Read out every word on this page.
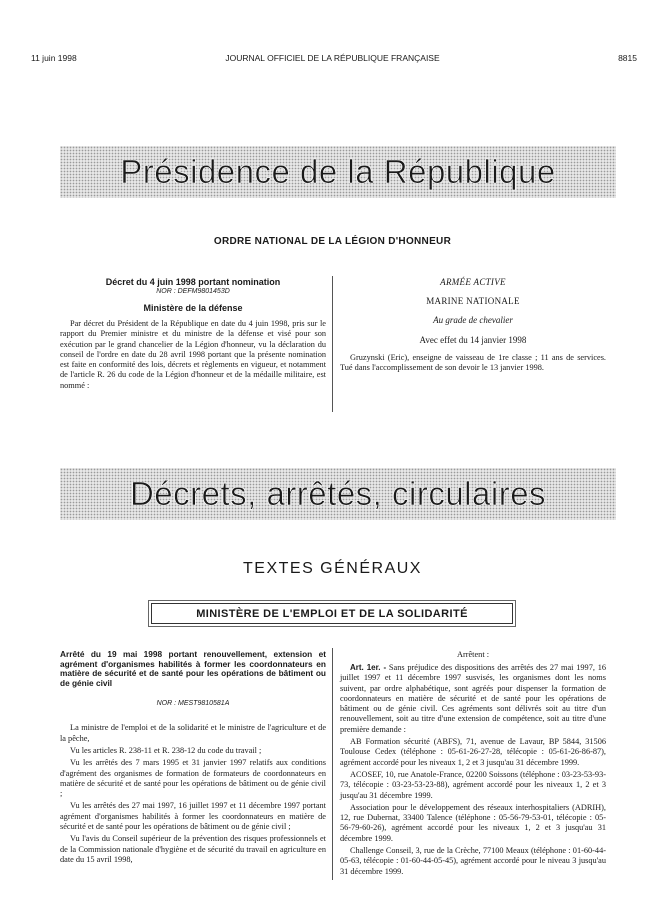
11 juin 1998	JOURNAL OFFICIEL DE LA RÉPUBLIQUE FRANÇAISE	8815
Présidence de la République
ORDRE NATIONAL DE LA LÉGION D'HONNEUR
Décret du 4 juin 1998 portant nomination
NOR : DEFM9801453D
Ministère de la défense

Par décret du Président de la République en date du 4 juin 1998, pris sur le rapport du Premier ministre et du ministre de la défense et visé pour son exécution par le grand chancelier de la Légion d'honneur, vu la déclaration du conseil de l'ordre en date du 28 avril 1998 portant que la présente nomination est faite en conformité des lois, décrets et règlements en vigueur, et notamment de l'article R. 26 du code de la Légion d'honneur et de la médaille militaire, est nommé :

ARMÉE ACTIVE
MARINE NATIONALE
Au grade de chevalier
Avec effet du 14 janvier 1998

Gruzynski (Eric), enseigne de vaisseau de 1re classe ; 11 ans de services. Tué dans l'accomplissement de son devoir le 13 janvier 1998.

Décrets, arrêtés, circulaires
TEXTES GÉNÉRAUX
MINISTÈRE DE L'EMPLOI ET DE LA SOLIDARITÉ
Arrêté du 19 mai 1998 portant renouvellement, extension et agrément d'organismes habilités à former les coordonnateurs en matière de sécurité et de santé pour les opérations de bâtiment ou de génie civil
NOR : MEST9810581A

La ministre de l'emploi et de la solidarité et le ministre de l'agriculture et de la pêche,

Vu les articles R. 238-11 et R. 238-12 du code du travail ;

Vu les arrêtés des 7 mars 1995 et 31 janvier 1997 relatifs aux conditions d'agrément des organismes de formation de formateurs de coordonnateurs en matière de sécurité et de santé pour les opérations de bâtiment ou de génie civil ;

Vu les arrêtés des 27 mai 1997, 16 juillet 1997 et 11 décembre 1997 portant agrément d'organismes habilités à former les coordonnateurs en matière de sécurité et de santé pour les opérations de bâtiment ou de génie civil ;

Vu l'avis du Conseil supérieur de la prévention des risques professionnels et de la Commission nationale d'hygiène et de sécurité du travail en agriculture en date du 15 avril 1998,

Arrêtent :

Art. 1er. - Sans préjudice des dispositions des arrêtés des 27 mai 1997, 16 juillet 1997 et 11 décembre 1997 susvisés, les organismes dont les noms suivent, par ordre alphabétique, sont agréés pour dispenser la formation de coordonnateurs en matière de sécurité et de santé pour les opérations de bâtiment ou de génie civil. Ces agréments sont délivrés soit au titre d'un renouvellement, soit au titre d'une extension de compétence, soit au titre d'une première demande :

AB Formation sécurité (ABFS), 71, avenue de Lavaur, BP 5844, 31506 Toulouse Cedex (téléphone : 05-61-26-27-28, télécopie : 05-61-26-86-87), agrément accordé pour les niveaux 1, 2 et 3 jusqu'au 31 décembre 1999.

ACOSEF, 10, rue Anatole-France, 02200 Soissons (téléphone : 03-23-53-93-73, télécopie : 03-23-53-23-88), agrément accordé pour les niveaux 1, 2 et 3 jusqu'au 31 décembre 1999.

Association pour le développement des réseaux interhospitaliers (ADRIH), 12, rue Dubernat, 33400 Talence (téléphone : 05-56-79-53-01, télécopie : 05-56-79-60-26), agrément accordé pour les niveaux 1, 2 et 3 jusqu'au 31 décembre 1999.

Challenge Conseil, 3, rue de la Crèche, 77100 Meaux (téléphone : 01-60-44-05-63, télécopie : 01-60-44-05-45), agrément accordé pour le niveau 3 jusqu'au 31 décembre 1999.
